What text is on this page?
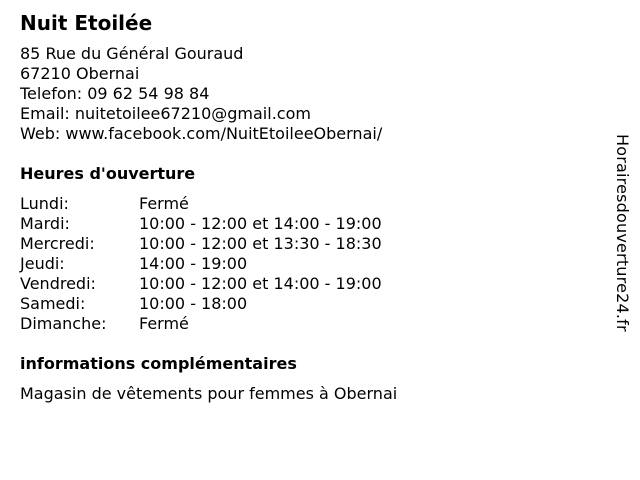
Nuit Etoilée
85 Rue du Général Gouraud
67210 Obernai
Telefon: 09 62 54 98 84
Email: nuitetoilee67210@gmail.com
Web: www.facebook.com/NuitEtoileeObernai/
Heures d'ouverture
Lundi:	Fermé
Mardi:	10:00 - 12:00 et 14:00 - 19:00
Mercredi:	10:00 - 12:00 et 13:30 - 18:30
Jeudi:	14:00 - 19:00
Vendredi:	10:00 - 12:00 et 14:00 - 19:00
Samedi:	10:00 - 18:00
Dimanche:	Fermé
informations complémentaires
Magasin de vêtements pour femmes à Obernai
Horairesdouverture24.fr
